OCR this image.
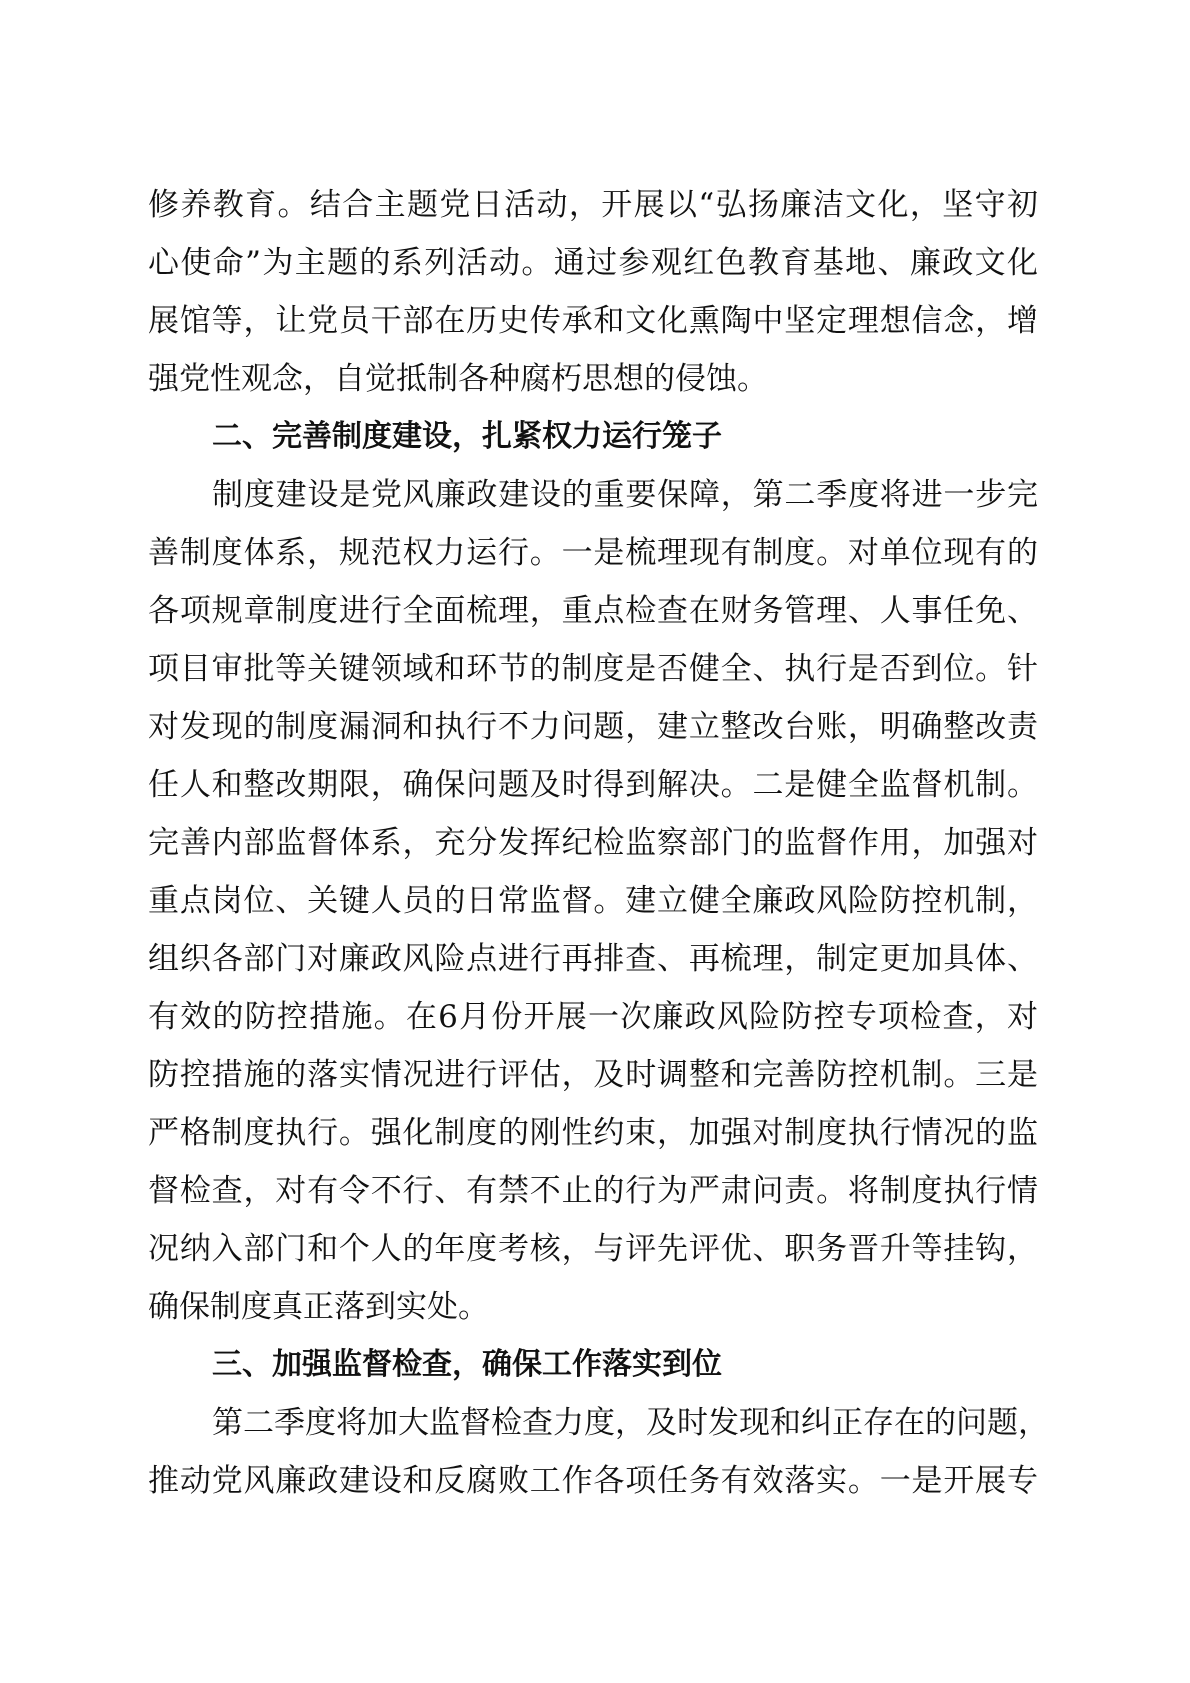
修养教育。结合主题党日活动，开展以“弘扬廉洁文化，坚守初
心使命”为主题的系列活动。通过参观红色教育基地、廉政文化
展馆等，让党员干部在历史传承和文化熏陶中坚定理想信念，增
强党性观念，自觉抵制各种腐朽思想的侵蚀。
二、完善制度建设，扎紧权力运行笼子
制度建设是党风廉政建设的重要保障，第二季度将进一步完
善制度体系，规范权力运行。一是梳理现有制度。对单位现有的
各项规章制度进行全面梳理，重点检查在财务管理、人事任免、
项目审批等关键领域和环节的制度是否健全、执行是否到位。针
对发现的制度漏洞和执行不力问题，建立整改台账，明确整改责
任人和整改期限，确保问题及时得到解决。二是健全监督机制。
完善内部监督体系，充分发挥纪检监察部门的监督作用，加强对
重点岗位、关键人员的日常监督。建立健全廉政风险防控机制，
组织各部门对廉政风险点进行再排查、再梳理，制定更加具体、
有效的防控措施。在6月份开展一次廉政风险防控专项检查，对
防控措施的落实情况进行评估，及时调整和完善防控机制。三是
严格制度执行。强化制度的刚性约束，加强对制度执行情况的监
督检查，对有令不行、有禁不止的行为严肃问责。将制度执行情
况纳入部门和个人的年度考核，与评先评优、职务晋升等挂钩，
确保制度真正落到实处。
三、加强监督检查，确保工作落实到位
第二季度将加大监督检查力度，及时发现和纠正存在的问题，
推动党风廉政建设和反腐败工作各项任务有效落实。一是开展专
